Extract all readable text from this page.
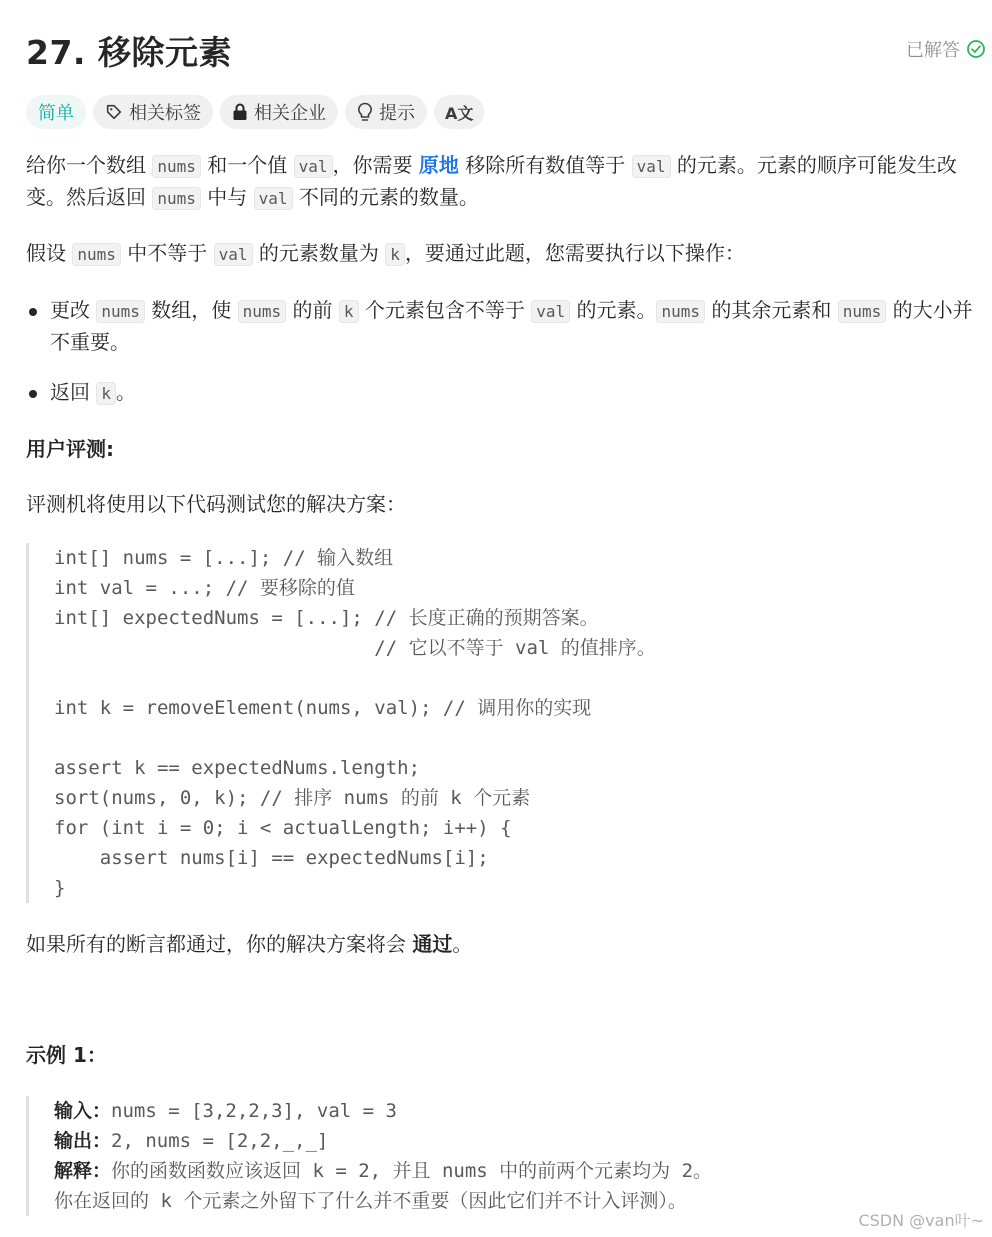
27. 移除元素	已解答
简单	相关标签	相关企业	提示 A文

给你一个数组 nums 和一个值 val ，你需要 原地 移除所有数值等于 val 的元素。元素的顺序可能发生改变。然后返回 nums 中与 val 不同的元素的数量。

假设 nums 中不等于 val 的元素数量为 k ，要通过此题，您需要执行以下操作：

更改 nums 数组，使 nums 的前 k 个元素包含不等于 val 的元素。 nums 的其余元素和 nums 的大小并不重要。
返回 k 。

用户评测:

评测机将使用以下代码测试您的解决方案：

int[] nums = [...]; // 输入数组
int val = ...; // 要移除的值
int[] expectedNums = [...]; // 长度正确的预期答案。
// 它以不等于 val 的值排序。
int k = removeElement(nums, val); // 调用你的实现
assert k == expectedNums.length;
sort(nums, 0, k); // 排序 nums 的前 k 个元素
for (int i = 0; i < actualLength; i++) {
assert nums[i] == expectedNums[i];
}

如果所有的断言都通过，你的解决方案将会 通过。

示例 1：

输入：nums = [3,2,2,3], val = 3
输出：2, nums = [2,2,_,_]
解释：你的函数函数应该返回 k = 2, 并且 nums 中的前两个元素均为 2。
你在返回的 k 个元素之外留下了什么并不重要（因此它们并不计入评测）。
CSDN @van叶~
